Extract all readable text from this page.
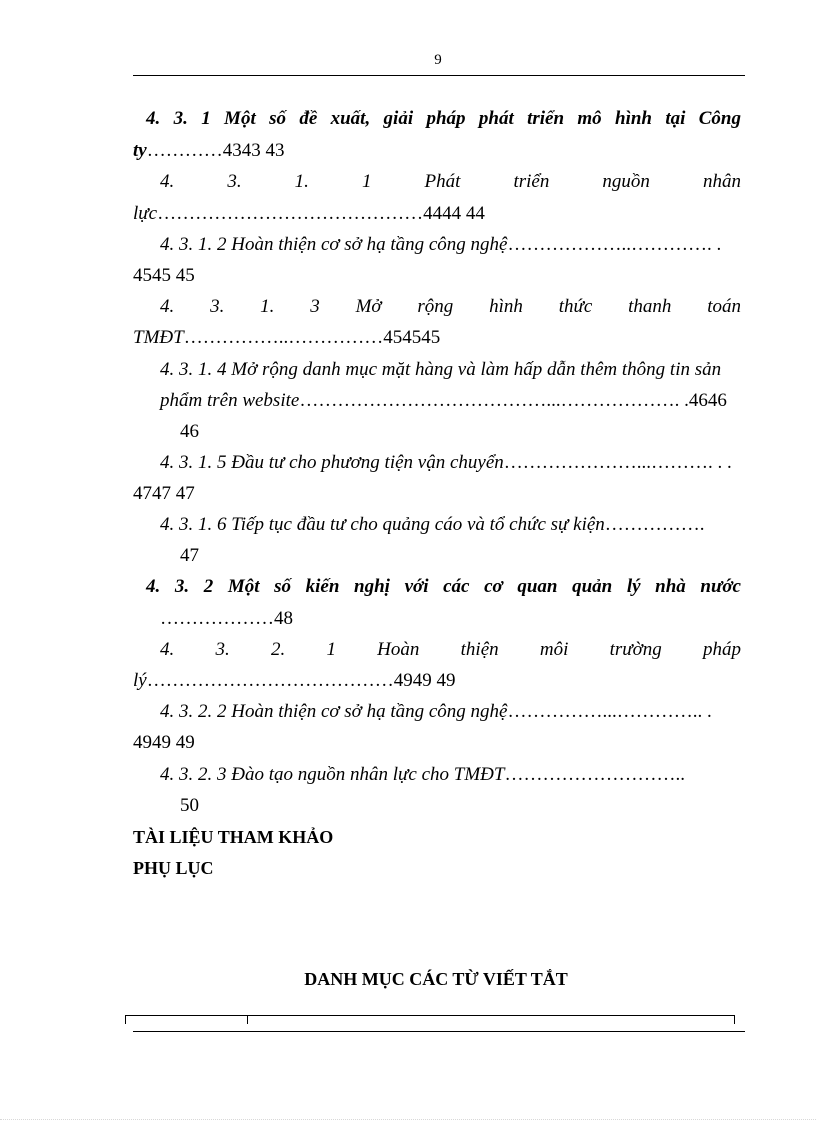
9
4. 3. 1 Một số đề xuất, giải pháp phát triển mô hình tại Công
ty…………4343 43
4. 3. 1. 1 Phát triển nguồn nhân
lực……………………………………4444 44
4. 3. 1. 2 Hoàn thiện cơ sở hạ tầng công nghệ………………..…………. .
4545 45
4. 3. 1. 3 Mở rộng hình thức thanh toán
TMĐT……………..……………454545
4. 3. 1. 4 Mở rộng danh mục mặt hàng và làm hấp dẫn thêm thông tin sản
phẩm trên website…………………………………...………………. .4646
46
4. 3. 1. 5 Đầu tư cho phương tiện vận chuyển…………………...………. . .
4747 47
4. 3. 1. 6 Tiếp tục đầu tư cho quảng cáo và tổ chức sự kiện…………….
47
4. 3. 2 Một số kiến nghị với các cơ quan quản lý nhà nước
………………48
4. 3. 2. 1 Hoàn thiện môi trường pháp
lý…………………………………4949 49
4. 3. 2. 2 Hoàn thiện cơ sở hạ tầng công nghệ……………...………….. .
4949 49
4. 3. 2. 3 Đào tạo nguồn nhân lực cho TMĐT………………………..
50
TÀI LIỆU THAM KHẢO
PHỤ LỤC
DANH MỤC CÁC TỪ VIẾT TẮT
